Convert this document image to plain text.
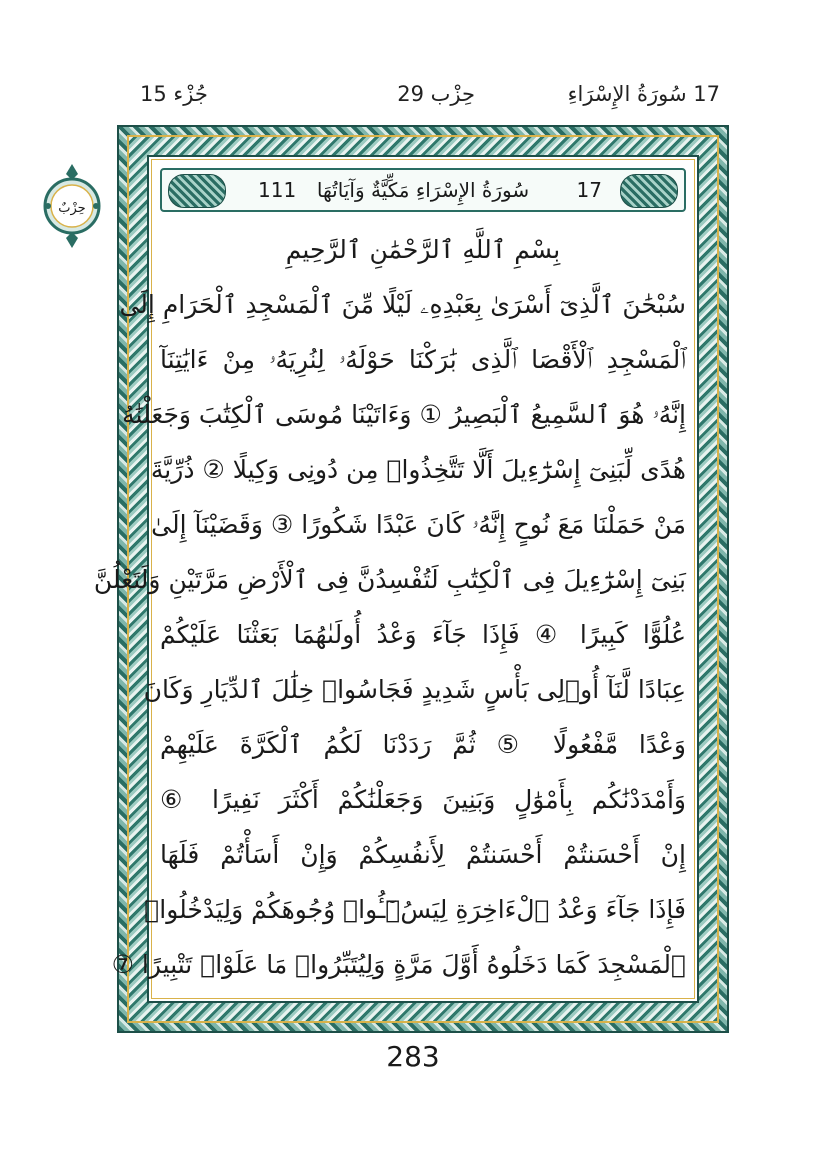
17 سُورَةُ الإِسْرَاءِ
حِزْب 29
جُزْء 15
حِزْبٌ
سُورَةُ الإِسْرَاءِ مَكِّيَّةٌ وَآيَاتُهَا	17
111
بِسْمِ ٱللَّهِ ٱلرَّحْمَٰنِ ٱلرَّحِيمِ
سُبْحَٰنَ ٱلَّذِىٓ أَسْرَىٰ بِعَبْدِهِۦ لَيْلًا مِّنَ ٱلْمَسْجِدِ ٱلْحَرَامِ إِلَى
ٱلْمَسْجِدِ ٱلْأَقْصَا ٱلَّذِى بَٰرَكْنَا حَوْلَهُۥ لِنُرِيَهُۥ مِنْ ءَايَٰتِنَآ
إِنَّهُۥ هُوَ ٱلسَّمِيعُ ٱلْبَصِيرُ ① وَءَاتَيْنَا مُوسَى ٱلْكِتَٰبَ وَجَعَلْنَٰهُ
هُدًى لِّبَنِىٓ إِسْرَٰٓءِيلَ أَلَّا تَتَّخِذُوا۟ مِن دُونِى وَكِيلًا ② ذُرِّيَّةَ
مَنْ حَمَلْنَا مَعَ نُوحٍ إِنَّهُۥ كَانَ عَبْدًا شَكُورًا ③ وَقَضَيْنَآ إِلَىٰ
بَنِىٓ إِسْرَٰٓءِيلَ فِى ٱلْكِتَٰبِ لَتُفْسِدُنَّ فِى ٱلْأَرْضِ مَرَّتَيْنِ وَلَتَعْلُنَّ
عُلُوًّا كَبِيرًا ④ فَإِذَا جَآءَ وَعْدُ أُولَىٰهُمَا بَعَثْنَا عَلَيْكُمْ
عِبَادًا لَّنَآ أُو۟لِى بَأْسٍ شَدِيدٍ فَجَاسُوا۟ خِلَٰلَ ٱلدِّيَارِ وَكَانَ
وَعْدًا مَّفْعُولًا ⑤ ثُمَّ رَدَدْنَا لَكُمُ ٱلْكَرَّةَ عَلَيْهِمْ
وَأَمْدَدْنَٰكُم بِأَمْوَٰلٍ وَبَنِينَ وَجَعَلْنَٰكُمْ أَكْثَرَ نَفِيرًا ⑥
إِنْ أَحْسَنتُمْ أَحْسَنتُمْ لِأَنفُسِكُمْ وَإِنْ أَسَأْتُمْ فَلَهَا
فَإِذَا جَآءَ وَعْدُ ٱلْءَاخِرَةِ لِيَسُۥٓـُٔوا۟ وُجُوهَكُمْ وَلِيَدْخُلُوا۟
ٱلْمَسْجِدَ كَمَا دَخَلُوهُ أَوَّلَ مَرَّةٍ وَلِيُتَبِّرُوا۟ مَا عَلَوْا۟ تَتْبِيرًا ⑦
283
